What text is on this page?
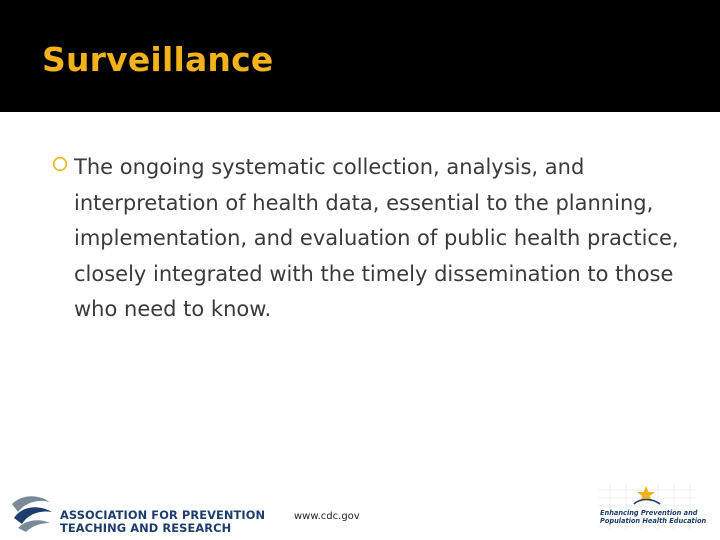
Surveillance
The ongoing systematic collection, analysis, and interpretation of health data, essential to the planning, implementation, and evaluation of public health practice, closely integrated with the timely dissemination to those who need to know.
ASSOCIATION FOR PREVENTION
TEACHING AND RESEARCH
www.cdc.gov	Enhancing Prevention and
Population Health Education
